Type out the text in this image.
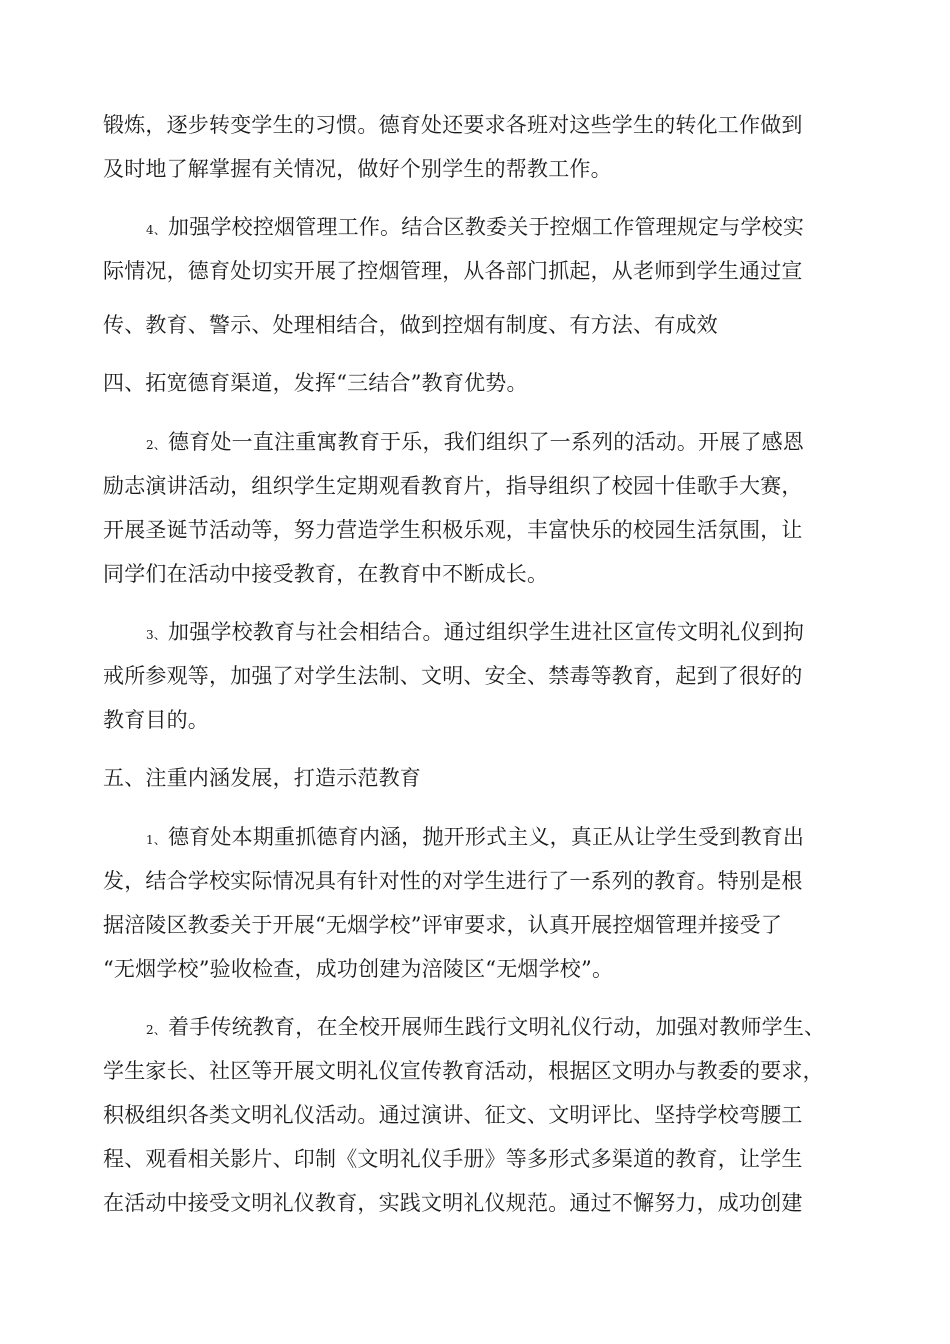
锻炼，逐步转变学生的习惯。德育处还要求各班对这些学生的转化工作做到
及时地了解掌握有关情况，做好个别学生的帮教工作。
4、加强学校控烟管理工作。结合区教委关于控烟工作管理规定与学校实
际情况，德育处切实开展了控烟管理，从各部门抓起，从老师到学生通过宣
传、教育、警示、处理相结合，做到控烟有制度、有方法、有成效
四、拓宽德育渠道，发挥“三结合”教育优势。
2、德育处一直注重寓教育于乐，我们组织了一系列的活动。开展了感恩
励志演讲活动，组织学生定期观看教育片，指导组织了校园十佳歌手大赛，
开展圣诞节活动等，努力营造学生积极乐观，丰富快乐的校园生活氛围，让
同学们在活动中接受教育，在教育中不断成长。
3、加强学校教育与社会相结合。通过组织学生进社区宣传文明礼仪到拘
戒所参观等，加强了对学生法制、文明、安全、禁毒等教育，起到了很好的
教育目的。
五、注重内涵发展，打造示范教育
1、德育处本期重抓德育内涵，抛开形式主义，真正从让学生受到教育出
发，结合学校实际情况具有针对性的对学生进行了一系列的教育。特别是根
据涪陵区教委关于开展“无烟学校”评审要求，认真开展控烟管理并接受了
“无烟学校”验收检查，成功创建为涪陵区“无烟学校”。
2、着手传统教育，在全校开展师生践行文明礼仪行动，加强对教师学生、
学生家长、社区等开展文明礼仪宣传教育活动，根据区文明办与教委的要求，
积极组织各类文明礼仪活动。通过演讲、征文、文明评比、坚持学校弯腰工
程、观看相关影片、印制《文明礼仪手册》等多形式多渠道的教育，让学生
在活动中接受文明礼仪教育，实践文明礼仪规范。通过不懈努力，成功创建
